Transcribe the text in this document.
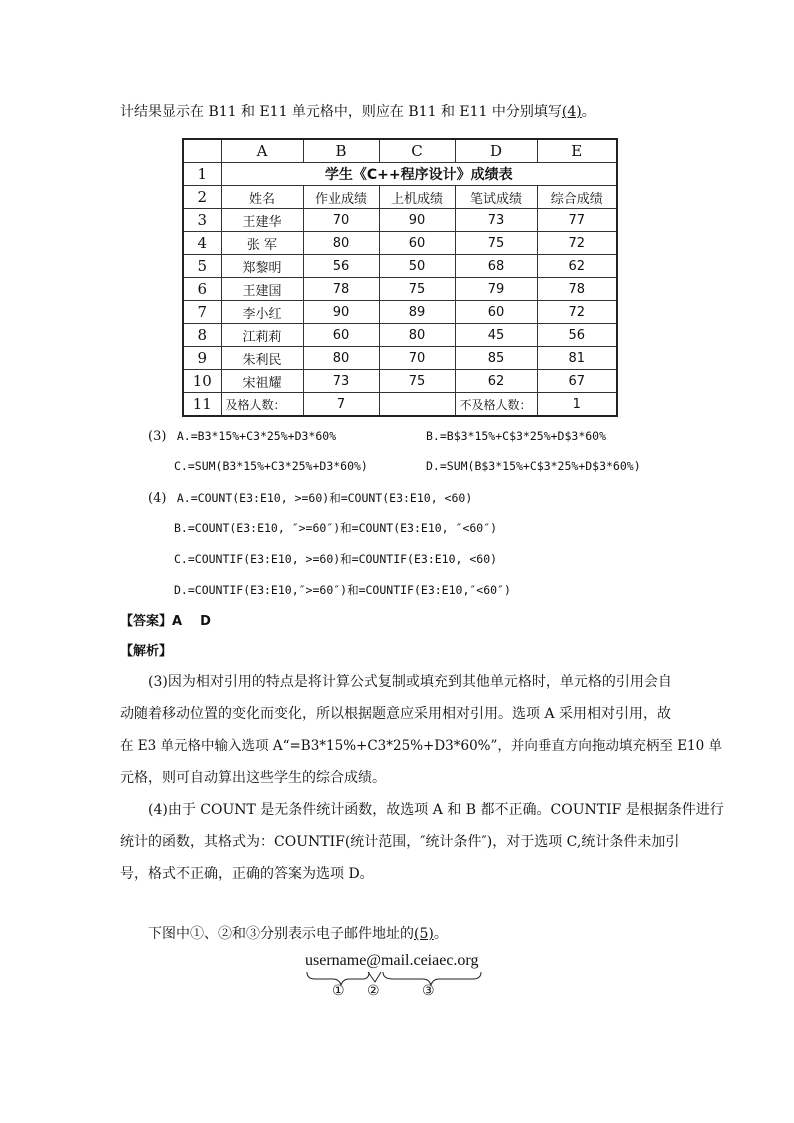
计结果显示在 B11 和 E11 单元格中，则应在 B11 和 E11 中分别填写(4)。
	A	B	C	D	E
1	学生《C++程序设计》成绩表				
2	姓名	作业成绩	上机成绩	笔试成绩	综合成绩
3	王建华	70	90	73	77
4	张 军	80	60	75	72
5	郑黎明	56	50	68	62
6	王建国	78	75	79	78
7	李小红	90	89	60	72
8	江莉莉	60	80	45	56
9	朱利民	80	70	85	81
10	宋祖耀	73	75	62	67
11	及格人数：	7		不及格人数：	1
(3) A.=B3*15%+C3*25%+D3*60%	B.=B$3*15%+C$3*25%+D$3*60%
C.=SUM(B3*15%+C3*25%+D3*60%)	D.=SUM(B$3*15%+C$3*25%+D$3*60%)
(4) A.=COUNT(E3:E10, >=60)和=COUNT(E3:E10, <60)
B.=COUNT(E3:E10, ″>=60″)和=COUNT(E3:E10, ″<60″)
C.=COUNTIF(E3:E10, >=60)和=COUNTIF(E3:E10, <60)
D.=COUNTIF(E3:E10,″>=60″)和=COUNTIF(E3:E10,″<60″)
【答案】A    D
【解析】
(3)因为相对引用的特点是将计算公式复制或填充到其他单元格时，单元格的引用会自
动随着移动位置的变化而变化，所以根据题意应采用相对引用。选项 A 采用相对引用，故
在 E3 单元格中输入选项 A“=B3*15%+C3*25%+D3*60%”，并向垂直方向拖动填充柄至 E10 单
元格，则可自动算出这些学生的综合成绩。
(4)由于 COUNT 是无条件统计函数，故选项 A 和 B 都不正确。COUNTIF 是根据条件进行
统计的函数，其格式为：COUNTIF(统计范围，″统计条件″)，对于选项 C,统计条件未加引
号，格式不正确，正确的答案为选项 D。
下图中①、②和③分别表示电子邮件地址的(5)。
username@mail.ceiaec.org
① ②	③
